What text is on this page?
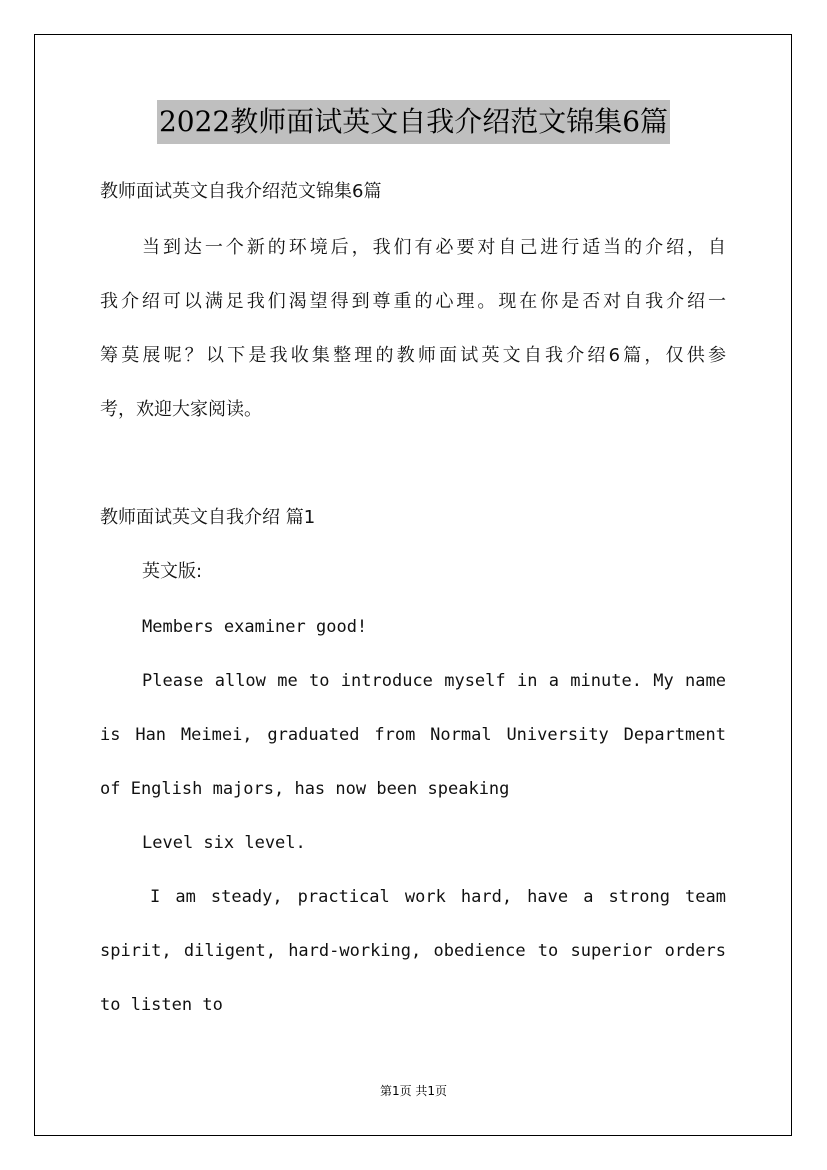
2022教师面试英文自我介绍范文锦集6篇
教师面试英文自我介绍范文锦集6篇
当到达一个新的环境后，我们有必要对自己进行适当的介绍，自
我介绍可以满足我们渴望得到尊重的心理。现在你是否对自我介绍一
筹莫展呢？以下是我收集整理的教师面试英文自我介绍6篇，仅供参
考，欢迎大家阅读。
教师面试英文自我介绍 篇1
英文版:
Members examiner good!
Please allow me to introduce myself in a minute. My name
is Han Meimei, graduated from Normal University Department
of English majors, has now been speaking
Level six level.
I am steady, practical work hard, have a strong team
spirit, diligent, hard-working, obedience to superior orders
to listen to
第1页 共1页
